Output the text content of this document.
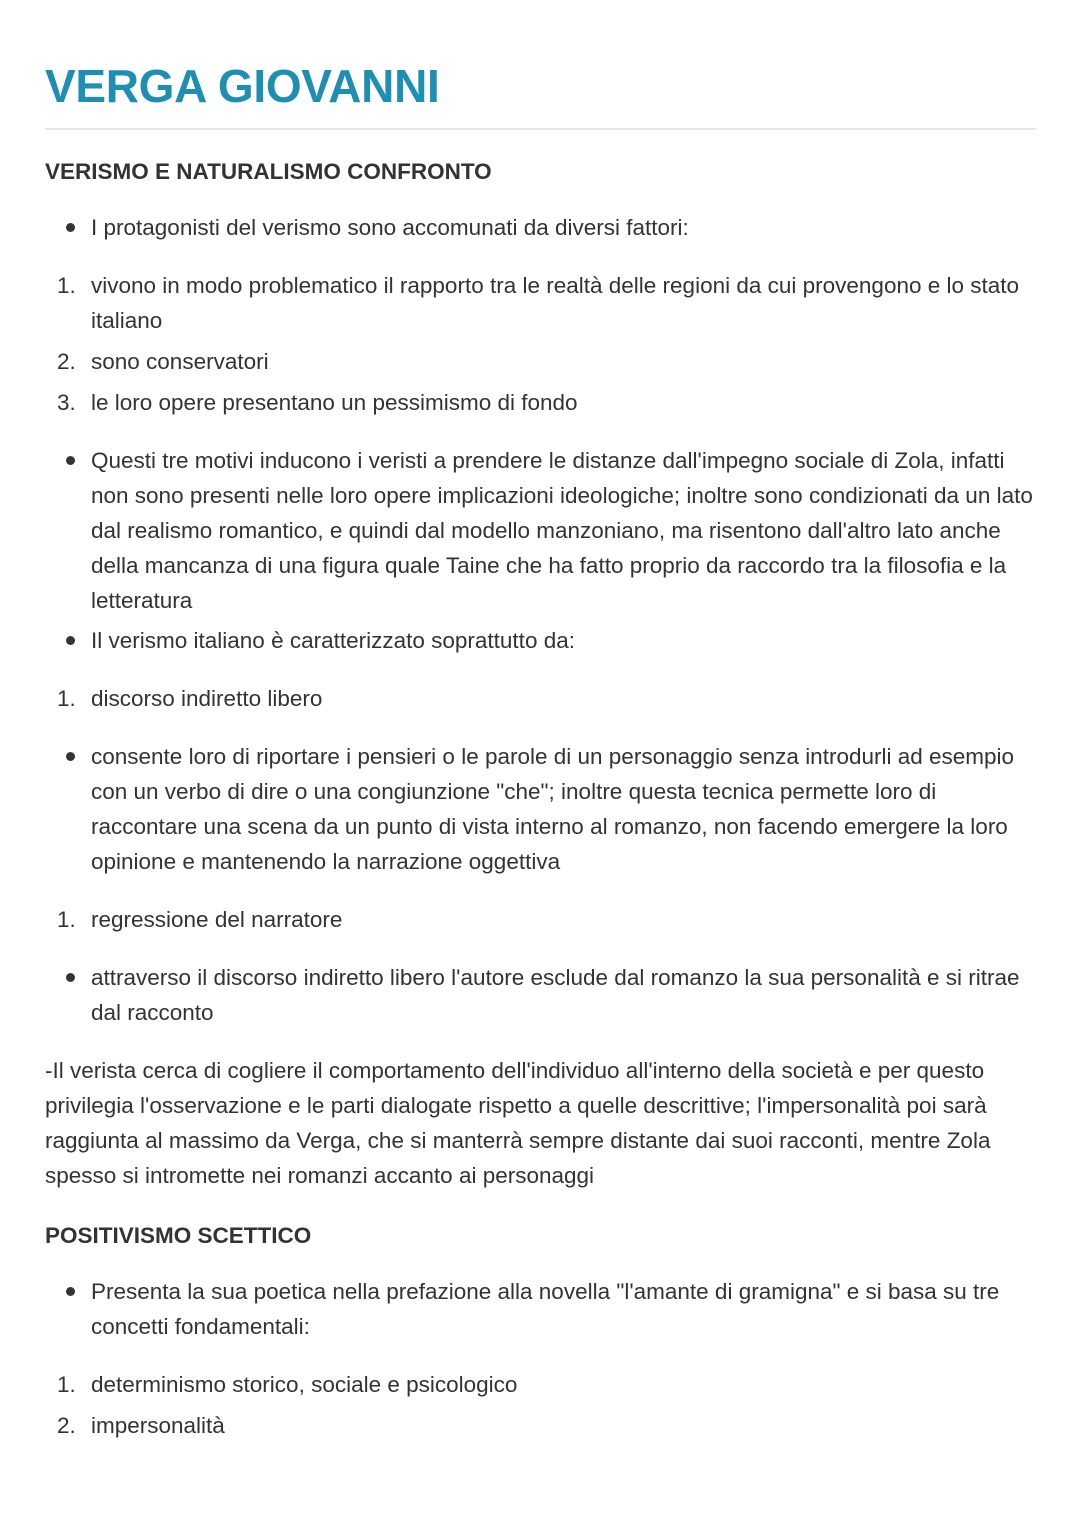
VERGA GIOVANNI
VERISMO E NATURALISMO CONFRONTO
I protagonisti del verismo sono accomunati da diversi fattori:
1. vivono in modo problematico il rapporto tra le realtà delle regioni da cui provengono e lo stato italiano
2. sono conservatori
3. le loro opere presentano un pessimismo di fondo
Questi tre motivi inducono i veristi a prendere le distanze dall'impegno sociale di Zola, infatti non sono presenti nelle loro opere implicazioni ideologiche; inoltre sono condizionati da un lato dal realismo romantico, e quindi dal modello manzoniano, ma risentono dall'altro lato anche della mancanza di una figura quale Taine che ha fatto proprio da raccordo tra la filosofia e la letteratura
Il verismo italiano è caratterizzato soprattutto da:
1. discorso indiretto libero
consente loro di riportare i pensieri o le parole di un personaggio senza introdurli ad esempio con un verbo di dire o una congiunzione "che"; inoltre questa tecnica permette loro di raccontare una scena da un punto di vista interno al romanzo, non facendo emergere la loro opinione e mantenendo la narrazione oggettiva
1. regressione del narratore
attraverso il discorso indiretto libero l'autore esclude dal romanzo la sua personalità e si ritrae dal racconto

-Il verista cerca di cogliere il comportamento dell'individuo all'interno della società e per questo privilegia l'osservazione e le parti dialogate rispetto a quelle descrittive; l'impersonalità poi sarà raggiunta al massimo da Verga, che si manterrà sempre distante dai suoi racconti, mentre Zola spesso si intromette nei romanzi accanto ai personaggi

POSITIVISMO SCETTICO
Presenta la sua poetica nella prefazione alla novella "l'amante di gramigna" e si basa su tre concetti fondamentali:
1. determinismo storico, sociale e psicologico
2. impersonalità
